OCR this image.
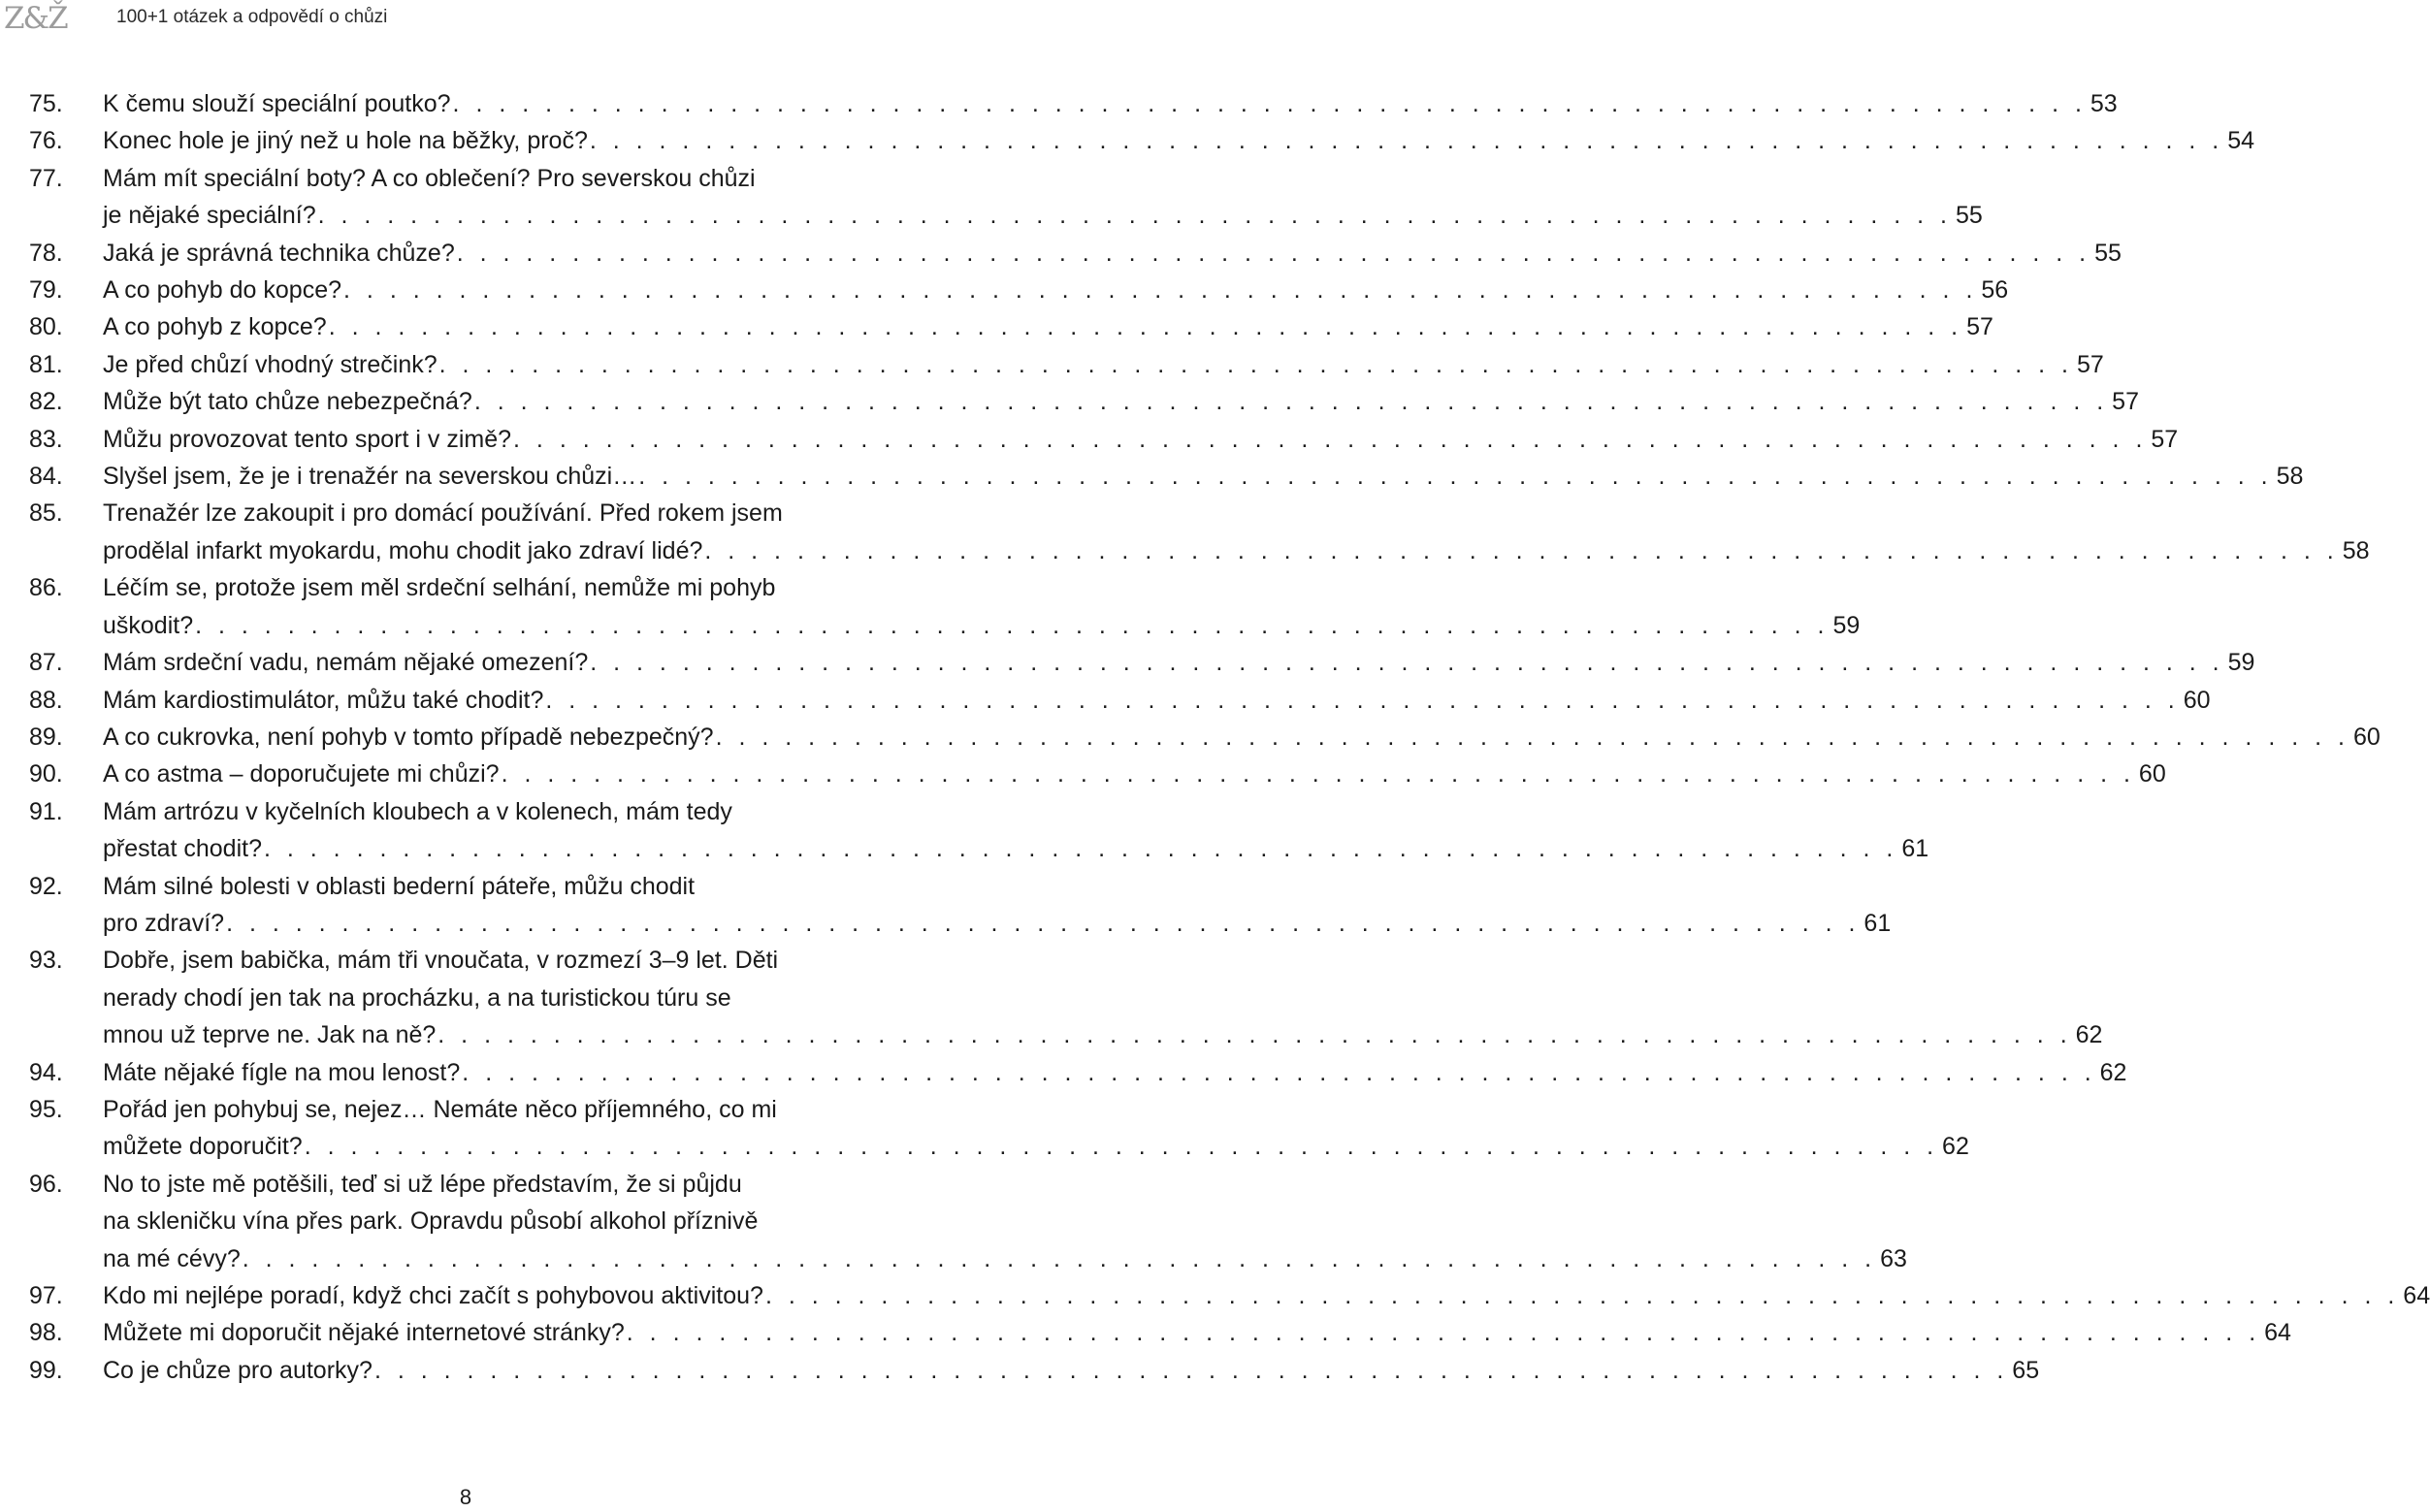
Z&Ž	100+1 otázek a odpovědí o chůzi
75. K čemu slouží speciální poutko? . . . . . . . . . . . . . . . . . . . . . . . . . . . . . . . . . . . . . . . . . . . . . . . . . . . . . . . . . . . . . . . . . . . . . . . 53
76. Konec hole je jiný než u hole na běžky, proč? . . . . . . . . . . . . . . . . . . . . . . . . . . . . . . . . . . . . . . . . . . . . . . . . . . . . . . . . . . . . . . . . . . . . . . . 54
77. Mám mít speciální boty? A co oblečení? Pro severskou chůzi
je nějaké speciální? . . . . . . . . . . . . . . . . . . . . . . . . . . . . . . . . . . . . . . . . . . . . . . . . . . . . . . . . . . . . . . . . . . . . . . . 55
78. Jaká je správná technika chůze? . . . . . . . . . . . . . . . . . . . . . . . . . . . . . . . . . . . . . . . . . . . . . . . . . . . . . . . . . . . . . . . . . . . . . . . 55
79. A co pohyb do kopce? . . . . . . . . . . . . . . . . . . . . . . . . . . . . . . . . . . . . . . . . . . . . . . . . . . . . . . . . . . . . . . . . . . . . . . . 56
80. A co pohyb z kopce? . . . . . . . . . . . . . . . . . . . . . . . . . . . . . . . . . . . . . . . . . . . . . . . . . . . . . . . . . . . . . . . . . . . . . . . 57
81. Je před chůzí vhodný strečink? . . . . . . . . . . . . . . . . . . . . . . . . . . . . . . . . . . . . . . . . . . . . . . . . . . . . . . . . . . . . . . . . . . . . . . . 57
82. Může být tato chůze nebezpečná? . . . . . . . . . . . . . . . . . . . . . . . . . . . . . . . . . . . . . . . . . . . . . . . . . . . . . . . . . . . . . . . . . . . . . . . 57
83. Můžu provozovat tento sport i v zimě? . . . . . . . . . . . . . . . . . . . . . . . . . . . . . . . . . . . . . . . . . . . . . . . . . . . . . . . . . . . . . . . . . . . . . . . 57
84. Slyšel jsem, že je i trenažér na severskou chůzi… . . . . . . . . . . . . . . . . . . . . . . . . . . . . . . . . . . . . . . . . . . . . . . . . . . . . . . . . . . . . . . . . . . . . . . . 58
85. Trenažér lze zakoupit i pro domácí používání. Před rokem jsem
prodělal infarkt myokardu, mohu chodit jako zdraví lidé? . . . . . . . . . . . . . . . . . . . . . . . . . . . . . . . . . . . . . . . . . . . . . . . . . . . . . . . . . . . . . . . . . . . . . . . 58
86. Léčím se, protože jsem měl srdeční selhání, nemůže mi pohyb
uškodit? . . . . . . . . . . . . . . . . . . . . . . . . . . . . . . . . . . . . . . . . . . . . . . . . . . . . . . . . . . . . . . . . . . . . . . . 59
87. Mám srdeční vadu, nemám nějaké omezení? . . . . . . . . . . . . . . . . . . . . . . . . . . . . . . . . . . . . . . . . . . . . . . . . . . . . . . . . . . . . . . . . . . . . . . . 59
88. Mám kardiostimulátor, můžu také chodit? . . . . . . . . . . . . . . . . . . . . . . . . . . . . . . . . . . . . . . . . . . . . . . . . . . . . . . . . . . . . . . . . . . . . . . . 60
89. A co cukrovka, není pohyb v tomto případě nebezpečný? . . . . . . . . . . . . . . . . . . . . . . . . . . . . . . . . . . . . . . . . . . . . . . . . . . . . . . . . . . . . . . . . . . . . . . . 60
90. A co astma – doporučujete mi chůzi? . . . . . . . . . . . . . . . . . . . . . . . . . . . . . . . . . . . . . . . . . . . . . . . . . . . . . . . . . . . . . . . . . . . . . . . 60
91. Mám artrózu v kyčelních kloubech a v kolenech, mám tedy
přestat chodit? . . . . . . . . . . . . . . . . . . . . . . . . . . . . . . . . . . . . . . . . . . . . . . . . . . . . . . . . . . . . . . . . . . . . . . . 61
92. Mám silné bolesti v oblasti bederní páteře, můžu chodit
pro zdraví? . . . . . . . . . . . . . . . . . . . . . . . . . . . . . . . . . . . . . . . . . . . . . . . . . . . . . . . . . . . . . . . . . . . . . . . 61
93. Dobře, jsem babička, mám tři vnoučata, v rozmezí 3–9 let. Děti
nerady chodí jen tak na procházku, a na turistickou túru se
mnou už teprve ne. Jak na ně? . . . . . . . . . . . . . . . . . . . . . . . . . . . . . . . . . . . . . . . . . . . . . . . . . . . . . . . . . . . . . . . . . . . . . . . 62
94. Máte nějaké fígle na mou lenost? . . . . . . . . . . . . . . . . . . . . . . . . . . . . . . . . . . . . . . . . . . . . . . . . . . . . . . . . . . . . . . . . . . . . . . . 62
95. Pořád jen pohybuj se, nejez… Nemáte něco příjemného, co mi
můžete doporučit? . . . . . . . . . . . . . . . . . . . . . . . . . . . . . . . . . . . . . . . . . . . . . . . . . . . . . . . . . . . . . . . . . . . . . . . 62
96. No to jste mě potěšili, teď si už lépe představím, že si půjdu
na skleničku vína přes park. Opravdu působí alkohol příznivě
na mé cévy? . . . . . . . . . . . . . . . . . . . . . . . . . . . . . . . . . . . . . . . . . . . . . . . . . . . . . . . . . . . . . . . . . . . . . . . 63
97. Kdo mi nejlépe poradí, když chci začít s pohybovou aktivitou? . . . . . . . . . . . . . . . . . . . . . . . . . . . . . . . . . . . . . . . . . . . . . . . . . . . . . . . . . . . . . . . . . . . . . . . 64
98. Můžete mi doporučit nějaké internetové stránky? . . . . . . . . . . . . . . . . . . . . . . . . . . . . . . . . . . . . . . . . . . . . . . . . . . . . . . . . . . . . . . . . . . . . . . . 64
99. Co je chůze pro autorky? . . . . . . . . . . . . . . . . . . . . . . . . . . . . . . . . . . . . . . . . . . . . . . . . . . . . . . . . . . . . . . . . . . . . . . . 65
8
